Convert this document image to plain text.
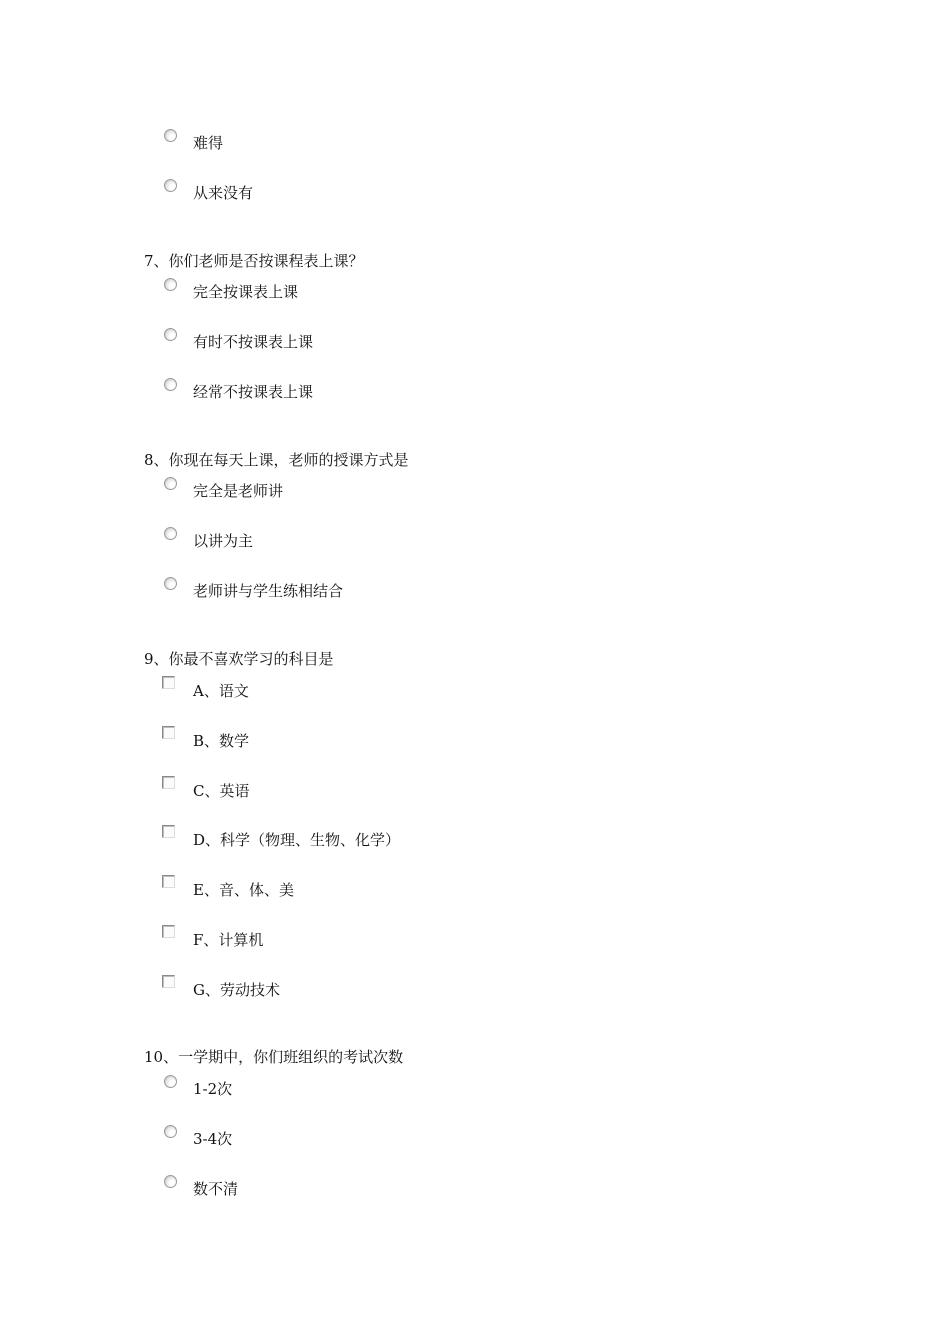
难得
从来没有
7、你们老师是否按课程表上课？
完全按课表上课
有时不按课表上课
经常不按课表上课
8、你现在每天上课，老师的授课方式是
完全是老师讲
以讲为主
老师讲与学生练相结合
9、你最不喜欢学习的科目是
A、语文
B、数学
C、英语
D、科学（物理、生物、化学）
E、音、体、美
F、计算机
G、劳动技术
10、一学期中，你们班组织的考试次数
1-2次
3-4次
数不清
